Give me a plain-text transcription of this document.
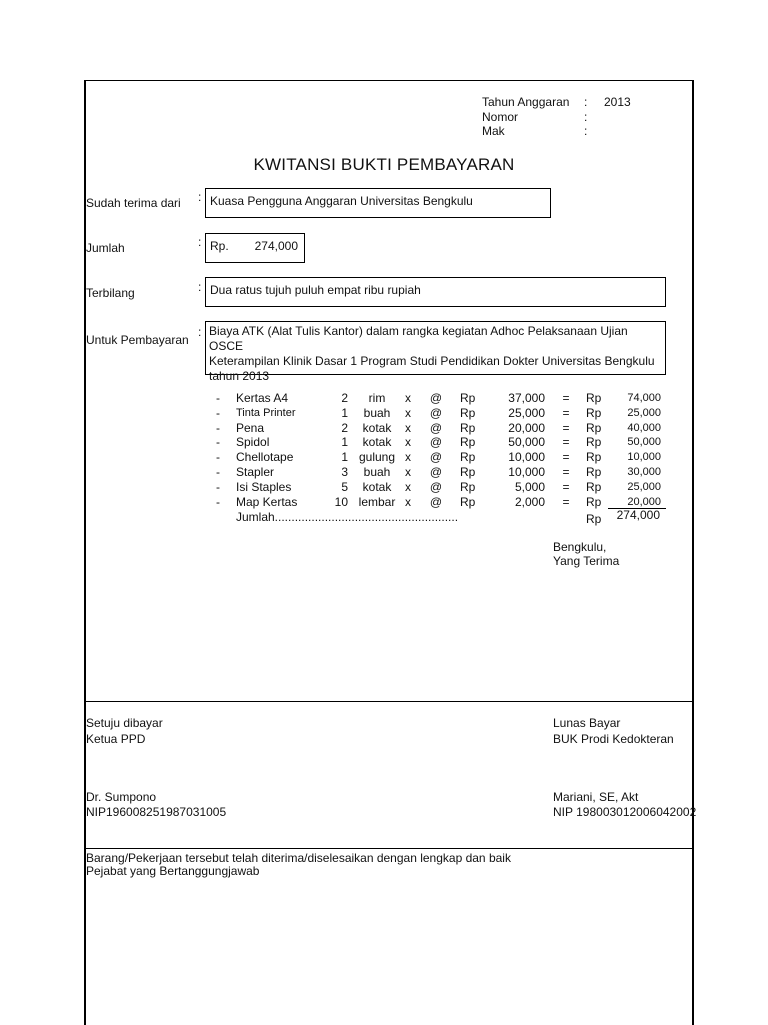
Tahun Anggaran : 2013
Nomor	:
Mak	:
KWITANSI BUKTI PEMBAYARAN
Sudah terima dari : Kuasa Pengguna Anggaran Universitas Bengkulu
Jumlah	: Rp. 274,000
Terbilang	: Dua ratus tujuh puluh empat ribu rupiah
Untuk Pembayaran
: Biaya ATK (Alat Tulis Kantor) dalam rangka kegiatan Adhoc Pelaksanaan Ujian OSCE
Keterampilan Klinik Dasar 1 Program Studi Pendidikan Dokter Universitas Bengkulu
tahun 2013
-	Kertas A4	2	rim	x @ Rp	37,000 = Rp	74,000
-	Tinta Printer	1	buah	x @ Rp	25,000 = Rp	25,000
-	Pena	2	kotak	x @ Rp	20,000 = Rp	40,000
-	Spidol	1	kotak	x @ Rp	50,000 = Rp	50,000
-	Chellotape	1 gulung x @ Rp	10,000 = Rp	10,000
-	Stapler	3	buah	x @ Rp	10,000 = Rp	30,000
-	Isi Staples	5	kotak	x @ Rp	5,000 = Rp	25,000
-	Map Kertas	10 lembar x @ Rp	2,000 = Rp	20,000
Jumlah.......................................................	Rp	274,000
Bengkulu,
Yang Terima
Setuju dibayar
Ketua PPD
Dr. Sumpono
NIP196008251987031005
Lunas Bayar
BUK Prodi Kedokteran
Mariani, SE, Akt
NIP 198003012006042002
Barang/Pekerjaan tersebut telah diterima/diselesaikan dengan lengkap dan baik
Pejabat yang Bertanggungjawab
